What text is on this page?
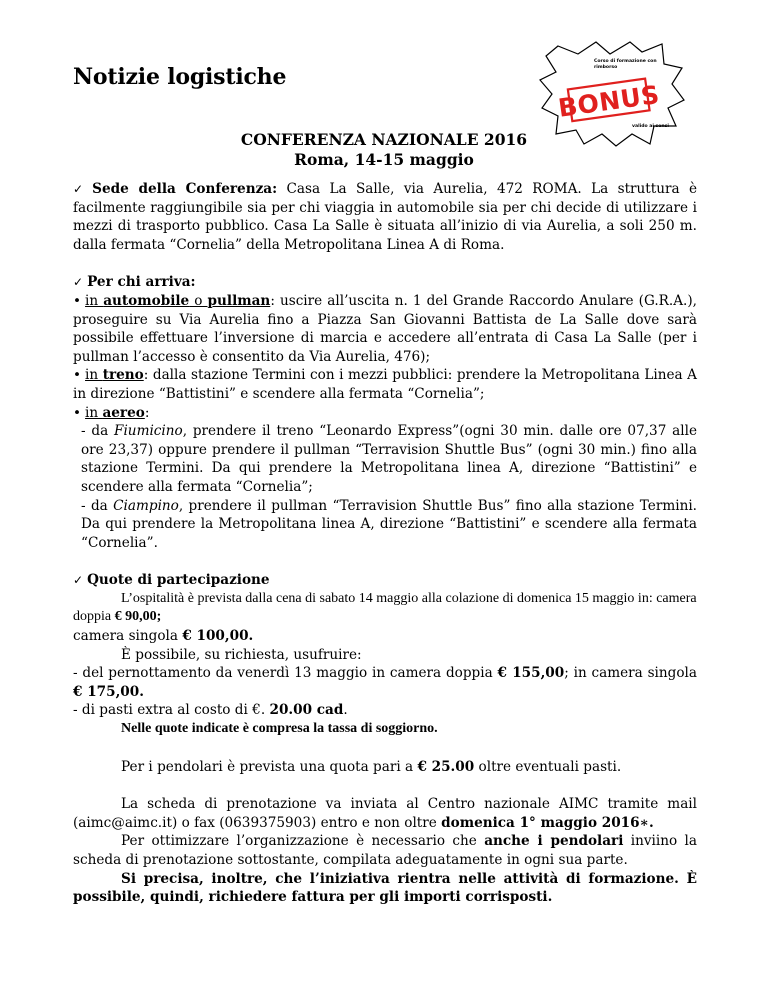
Notizie logistiche
Corso di formazione con
rimborso
BONUS
valido ai sensi
CONFERENZA NAZIONALE 2016
Roma, 14-15 maggio

✓ Sede della Conferenza: Casa La Salle, via Aurelia, 472 ROMA. La struttura è facilmente raggiungibile sia per chi viaggia in automobile sia per chi decide di utilizzare i mezzi di trasporto pubblico. Casa La Salle è situata all’inizio di via Aurelia, a soli 250 m. dalla fermata “Cornelia” della Metropolitana Linea A di Roma.

✓ Per chi arriva:

• in automobile o pullman: uscire all’uscita n. 1 del Grande Raccordo Anulare (G.R.A.), proseguire su Via Aurelia fino a Piazza San Giovanni Battista de La Salle dove sarà possibile effettuare l’inversione di marcia e accedere all’entrata di Casa La Salle (per i pullman l’accesso è consentito da Via Aurelia, 476);

• in treno: dalla stazione Termini con i mezzi pubblici: prendere la Metropolitana Linea A in direzione “Battistini” e scendere alla fermata “Cornelia”;

• in aereo:

- da Fiumicino, prendere il treno “Leonardo Express”(ogni 30 min. dalle ore 07,37 alle ore 23,37) oppure prendere il pullman “Terravision Shuttle Bus” (ogni 30 min.) fino alla stazione Termini. Da qui prendere la Metropolitana linea A, direzione “Battistini” e scendere alla fermata “Cornelia”;

- da Ciampino, prendere il pullman “Terravision Shuttle Bus” fino alla stazione Termini. Da qui prendere la Metropolitana linea A, direzione “Battistini” e scendere alla fermata “Cornelia”.

✓ Quote di partecipazione

L’ospitalità è prevista dalla cena di sabato 14 maggio alla colazione di domenica 15 maggio in: camera doppia € 90,00;

camera singola € 100,00.

È possibile, su richiesta, usufruire:

- del pernottamento da venerdì 13 maggio in camera doppia € 155,00; in camera singola € 175,00.

- di pasti extra al costo di €. 20.00 cad.

Nelle quote indicate è compresa la tassa di soggiorno.

Per i pendolari è prevista una quota pari a € 25.00 oltre eventuali pasti.

La scheda di prenotazione va inviata al Centro nazionale AIMC tramite mail (aimc@aimc.it) o fax (0639375903) entro e non oltre domenica 1° maggio 2016∗.

Per ottimizzare l’organizzazione è necessario che anche i pendolari inviino la scheda di prenotazione sottostante, compilata adeguatamente in ogni sua parte.

Si precisa, inoltre, che l’iniziativa rientra nelle attività di formazione. È possibile, quindi, richiedere fattura per gli importi corrisposti.
